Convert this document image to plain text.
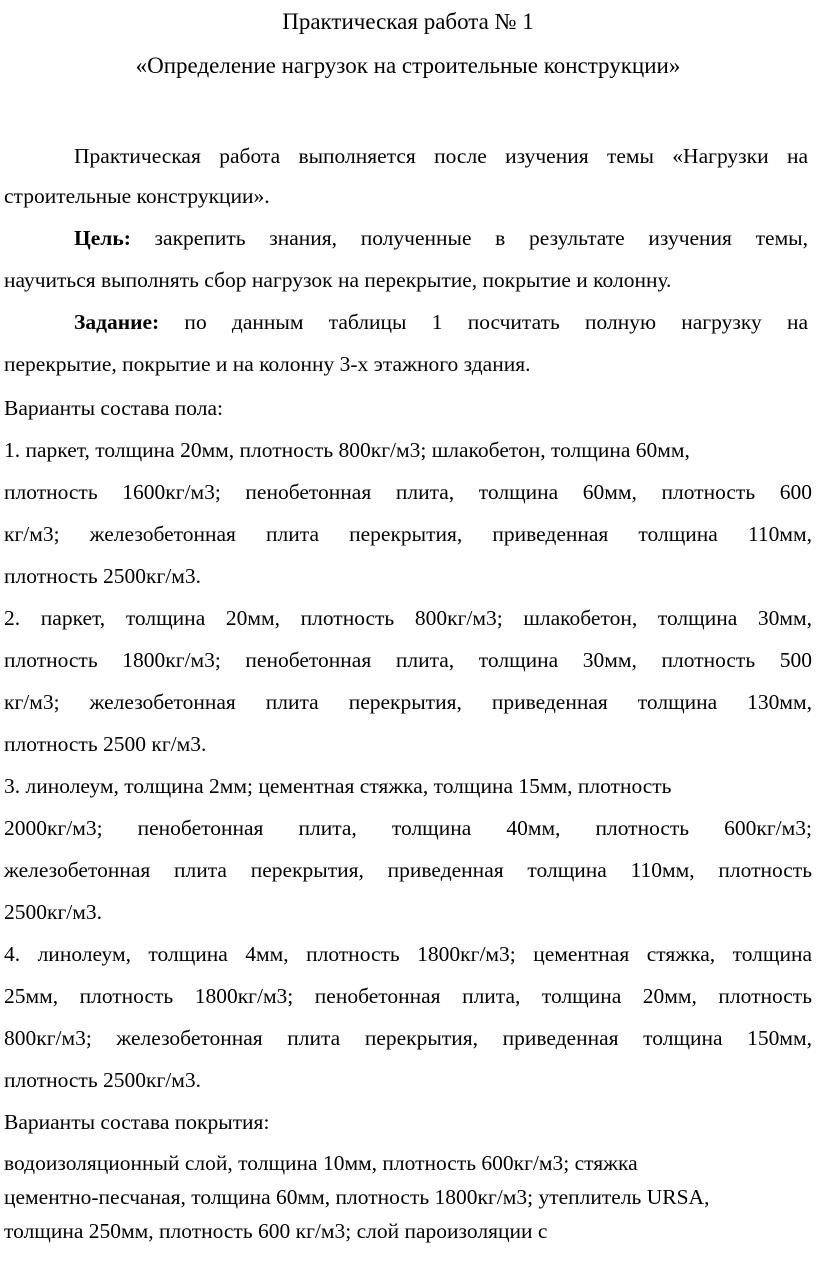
Практическая работа № 1
«Определение нагрузок на строительные конструкции»
Практическая работа выполняется после изучения темы «Нагрузки на
строительные конструкции».
Цель: закрепить знания, полученные в результате изучения темы,
научиться выполнять сбор нагрузок на перекрытие, покрытие и колонну.
Задание: по данным таблицы 1 посчитать полную нагрузку на
перекрытие, покрытие и на колонну 3-х этажного здания.
Варианты состава пола:
1. паркет, толщина 20мм, плотность 800кг/м3; шлакобетон, толщина 60мм,
плотность 1600кг/м3; пенобетонная плита, толщина 60мм, плотность 600
кг/м3; железобетонная плита перекрытия, приведенная толщина 110мм,
плотность 2500кг/м3.
2. паркет, толщина 20мм, плотность 800кг/м3; шлакобетон, толщина 30мм,
плотность 1800кг/м3; пенобетонная плита, толщина 30мм, плотность 500
кг/м3; железобетонная плита перекрытия, приведенная толщина 130мм,
плотность 2500 кг/м3.
3. линолеум, толщина 2мм; цементная стяжка, толщина 15мм, плотность
2000кг/м3; пенобетонная плита, толщина 40мм, плотность 600кг/м3;
железобетонная плита перекрытия, приведенная толщина 110мм, плотность
2500кг/м3.
4. линолеум, толщина 4мм, плотность 1800кг/м3; цементная стяжка, толщина
25мм, плотность 1800кг/м3; пенобетонная плита, толщина 20мм, плотность
800кг/м3; железобетонная плита перекрытия, приведенная толщина 150мм,
плотность 2500кг/м3.
Варианты состава покрытия:
водоизоляционный слой, толщина 10мм, плотность 600кг/м3; стяжка
цементно-песчаная, толщина 60мм, плотность 1800кг/м3; утеплитель URSA,
толщина 250мм, плотность 600 кг/м3; слой пароизоляции с
